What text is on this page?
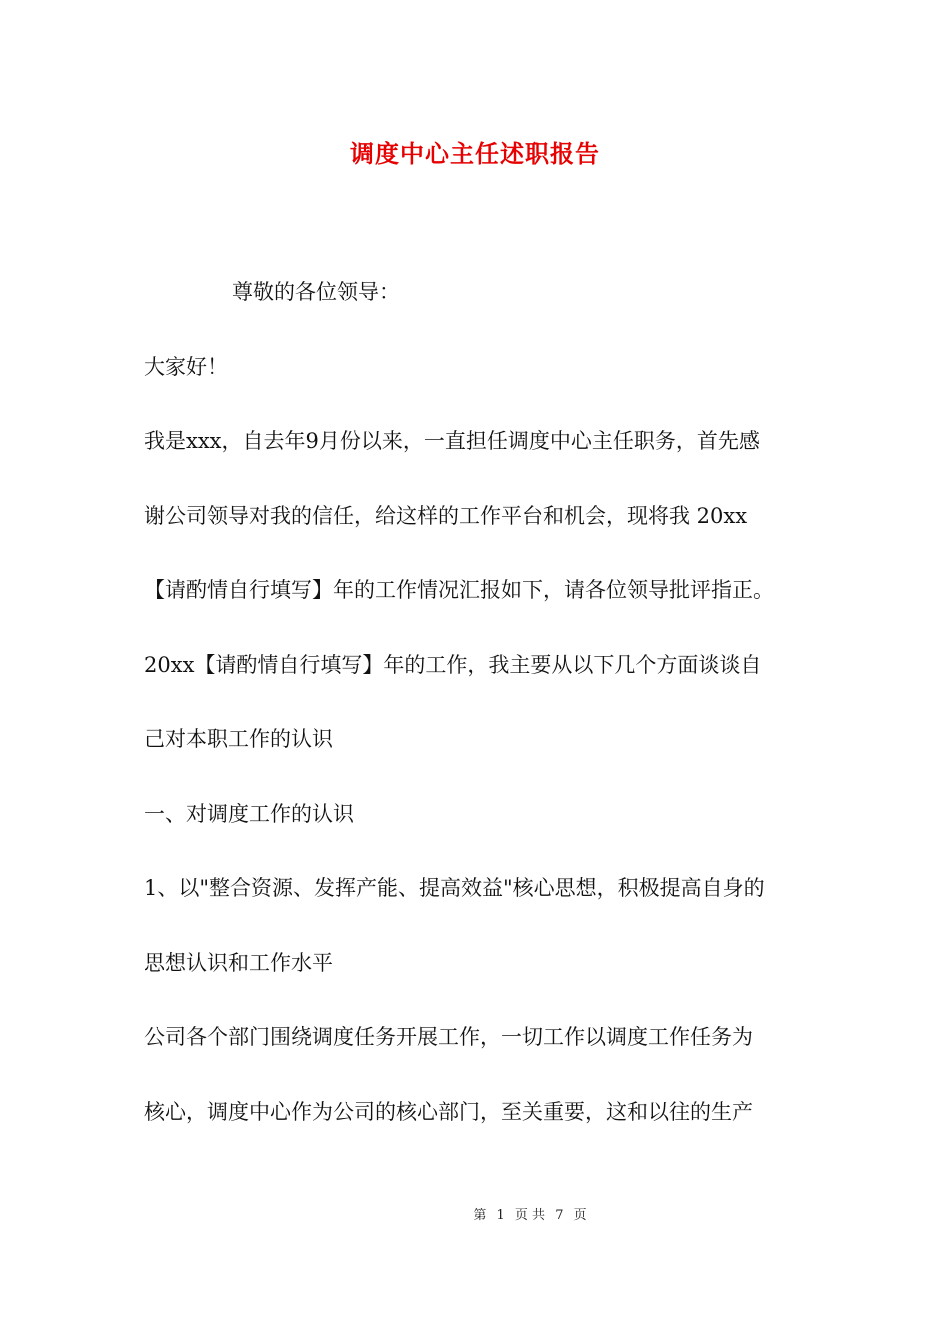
调度中心主任述职报告

尊敬的各位领导：

大家好！

我是xxx，自去年9月份以来，一直担任调度中心主任职务，首先感

谢公司领导对我的信任，给这样的工作平台和机会，现将我 20xx

【请酌情自行填写】年的工作情况汇报如下，请各位领导批评指正。

20xx【请酌情自行填写】年的工作，我主要从以下几个方面谈谈自

己对本职工作的认识

一、对调度工作的认识

1、以"整合资源、发挥产能、提高效益"核心思想，积极提高自身的

思想认识和工作水平

公司各个部门围绕调度任务开展工作，一切工作以调度工作任务为

核心，调度中心作为公司的核心部门，至关重要，这和以往的生产

第 1 页 共 7 页
